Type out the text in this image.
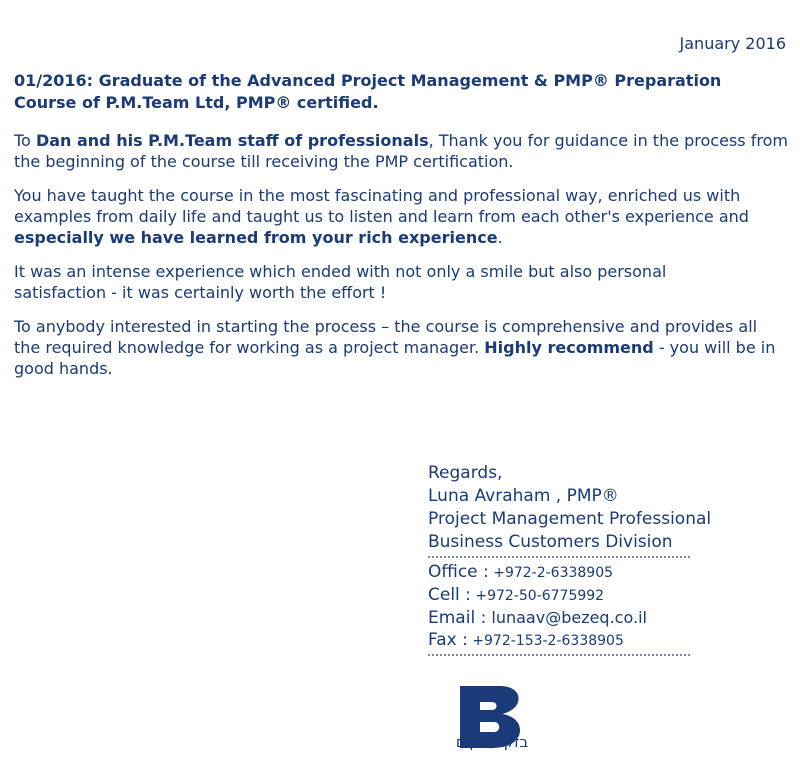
January 2016
01/2016: Graduate of the Advanced Project Management & PMP® Preparation
Course of P.M.Team Ltd, PMP® certified.

To Dan and his P.M.Team staff of professionals, Thank you for guidance in the process from the beginning of the course till receiving the PMP certification.

You have taught the course in the most fascinating and professional way, enriched us with examples from daily life and taught us to listen and learn from each other's experience and especially we have learned from your rich experience.

It was an intense experience which ended with not only a smile but also personal
satisfaction - it was certainly worth the effort !

To anybody interested in starting the process – the course is comprehensive and provides all the required knowledge for working as a project manager. Highly recommend - you will be in good hands.

Regards,
Luna Avraham , PMP®
Project Management Professional
Business Customers Division
Office : +972-2-6338905
Cell : +972-50-6775992
Email : lunaav@bezeq.co.il
Fax : +972-153-2-6338905
בזק עסקים
